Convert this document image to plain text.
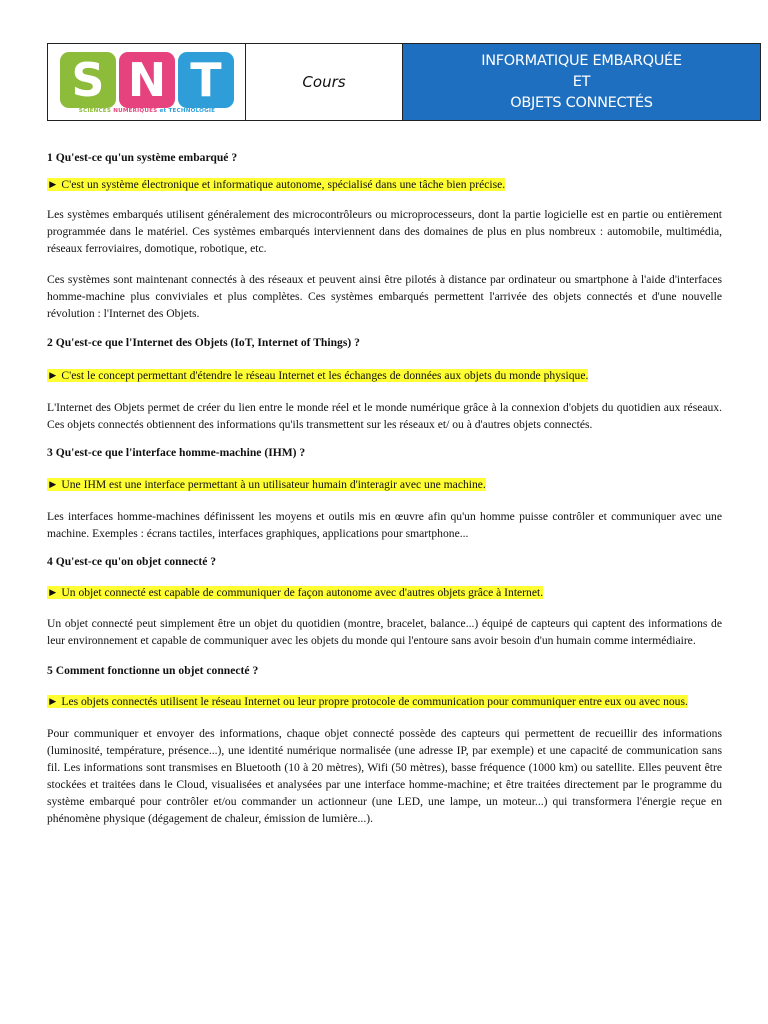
S N T
SCIENCES NUMÉRIQUES et TECHNOLOGIE
Cours
INFORMATIQUE EMBARQUÉE
ET
OBJETS CONNECTÉS

1 Qu'est-ce qu'un système embarqué ?

► C'est un système électronique et informatique autonome, spécialisé dans une tâche bien précise.

Les systèmes embarqués utilisent généralement des microcontrôleurs ou microprocesseurs, dont la partie logicielle est en partie ou entièrement programmée dans le matériel. Ces systèmes embarqués interviennent dans des domaines de plus en plus nombreux : automobile, multimédia, réseaux ferroviaires, domotique, robotique, etc.

Ces systèmes sont maintenant connectés à des réseaux et peuvent ainsi être pilotés à distance par ordinateur ou smartphone à l'aide d'interfaces homme-machine plus conviviales et plus complètes. Ces systèmes embarqués permettent l'arrivée des objets connectés et d'une nouvelle révolution : l'Internet des Objets.

2 Qu'est-ce que l'Internet des Objets (IoT, Internet of Things) ?

► C'est le concept permettant d'étendre le réseau Internet et les échanges de données aux objets du monde physique.

L'Internet des Objets permet de créer du lien entre le monde réel et le monde numérique grâce à la connexion d'objets du quotidien aux réseaux. Ces objets connectés obtiennent des informations qu'ils transmettent sur les réseaux et/ ou à d'autres objets connectés.

3 Qu'est-ce que l'interface homme-machine (IHM) ?

► Une IHM est une interface permettant à un utilisateur humain d'interagir avec une machine.

Les interfaces homme-machines définissent les moyens et outils mis en œuvre afin qu'un homme puisse contrôler et communiquer avec une machine. Exemples : écrans tactiles, interfaces graphiques, applications pour smartphone...

4 Qu'est-ce qu'on objet connecté ?

► Un objet connecté est capable de communiquer de façon autonome avec d'autres objets grâce à Internet.

Un objet connecté peut simplement être un objet du quotidien (montre, bracelet, balance...) équipé de capteurs qui captent des informations de leur environnement et capable de communiquer avec les objets du monde qui l'entoure sans avoir besoin d'un humain comme intermédiaire.

5 Comment fonctionne un objet connecté ?

► Les objets connectés utilisent le réseau Internet ou leur propre protocole de communication pour communiquer entre eux ou avec nous.

Pour communiquer et envoyer des informations, chaque objet connecté possède des capteurs qui permettent de recueillir des informations (luminosité, température, présence...), une identité numérique normalisée (une adresse IP, par exemple) et une capacité de communication sans fil. Les informations sont transmises en Bluetooth (10 à 20 mètres), Wifi (50 mètres), basse fréquence (1000 km) ou satellite. Elles peuvent être stockées et traitées dans le Cloud, visualisées et analysées par une interface homme-machine; et être traitées directement par le programme du système embarqué pour contrôler et/ou commander un actionneur (une LED, une lampe, un moteur...) qui transformera l'énergie reçue en phénomène physique (dégagement de chaleur, émission de lumière...).
